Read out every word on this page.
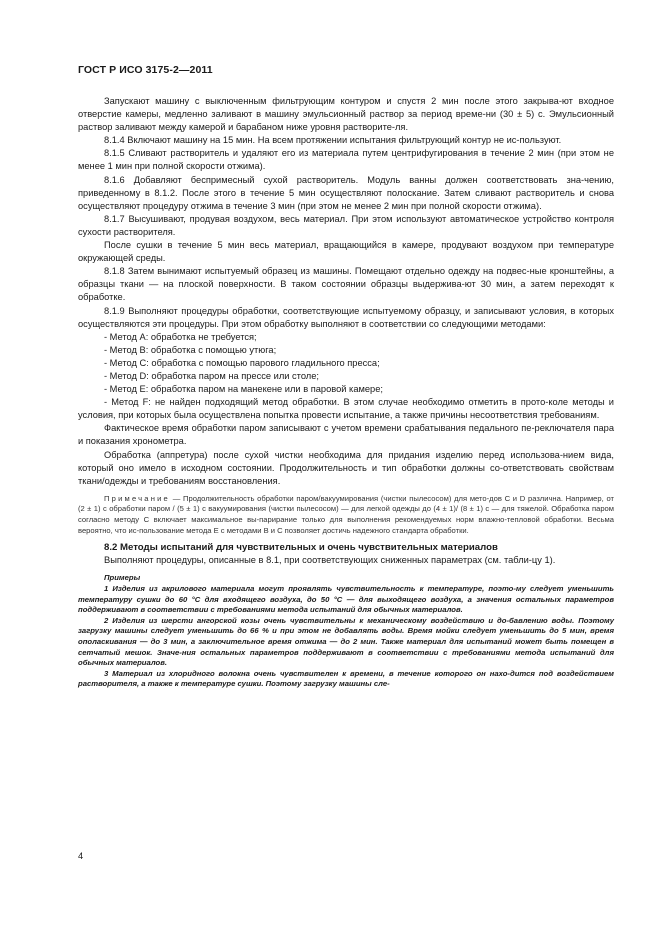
ГОСТ Р ИСО 3175-2—2011

Запускают машину с выключенным фильтрующим контуром и спустя 2 мин после этого закрыва-ют входное отверстие камеры, медленно заливают в машину эмульсионный раствор за период време-ни (30 ± 5) с. Эмульсионный раствор заливают между камерой и барабаном ниже уровня растворите-ля.

8.1.4 Включают машину на 15 мин. На всем протяжении испытания фильтрующий контур не ис-пользуют.

8.1.5 Сливают растворитель и удаляют его из материала путем центрифугирования в течение 2 мин (при этом не менее 1 мин при полной скорости отжима).

8.1.6 Добавляют беспримесный сухой растворитель. Модуль ванны должен соответствовать зна-чению, приведенному в 8.1.2. После этого в течение 5 мин осуществляют полоскание. Затем сливают растворитель и снова осуществляют процедуру отжима в течение 3 мин (при этом не менее 2 мин при полной скорости отжима).

8.1.7 Высушивают, продувая воздухом, весь материал. При этом используют автоматическое устройство контроля сухости растворителя.

После сушки в течение 5 мин весь материал, вращающийся в камере, продувают воздухом при температуре окружающей среды.

8.1.8 Затем вынимают испытуемый образец из машины. Помещают отдельно одежду на подвес-ные кронштейны, а образцы ткани — на плоской поверхности. В таком состоянии образцы выдержива-ют 30 мин, а затем переходят к обработке.

8.1.9 Выполняют процедуры обработки, соответствующие испытуемому образцу, и записывают условия, в которых осуществляются эти процедуры. При этом обработку выполняют в соответствии со следующими методами:

- Метод А: обработка не требуется;

- Метод В: обработка с помощью утюга;

- Метод С: обработка с помощью парового гладильного пресса;

- Метод D: обработка паром на прессе или столе;

- Метод Е: обработка паром на манекене или в паровой камере;

- Метод F: не найден подходящий метод обработки. В этом случае необходимо отметить в прото-коле методы и условия, при которых была осуществлена попытка провести испытание, а также причины несоответствия требованиям.

Фактическое время обработки паром записывают с учетом времени срабатывания педального пе-реключателя пара и показания хронометра.

Обработка (аппретура) после сухой чистки необходима для придания изделию перед использова-нием вида, который оно имело в исходном состоянии. Продолжительность и тип обработки должны со-ответствовать свойствам ткани/одежды и требованиям восстановления.

Примечание — Продолжительность обработки паром/вакуумирования (чистки пылесосом) для мето-дов С и D различна. Например, от (2 ± 1) с обработки паром / (5 ± 1) с вакуумирования (чистки пылесосом) — для легкой одежды до (4 ± 1)/ (8 ± 1) с — для тяжелой. Обработка паром согласно методу С включает максимальное вы-парирание только для выполнения рекомендуемых норм влажно-тепловой обработки. Весьма вероятно, что ис-пользование метода Е с методами В и С позволяет достичь надежного стандарта обработки.

8.2 Методы испытаний для чувствительных и очень чувствительных материалов

Выполняют процедуры, описанные в 8.1, при соответствующих сниженных параметрах (см. табли-цу 1).

Примеры

1 Изделия из акрилового материала могут проявлять чувствительность к температуре, поэто-му следует уменьшить температуру сушки до 60 °С для входящего воздуха, до 50 °С — для выходящего воздуха, а значения остальных параметров поддерживают в соответствии с требованиями метода испытаний для обычных материалов.

2 Изделия из шерсти ангорской козы очень чувствительны к механическому воздействию и до-бавлению воды. Поэтому загрузку машины следует уменьшить до 66 % и при этом не добавлять воды. Время мойки следует уменьшить до 5 мин, время ополаскивания — до 3 мин, а заключительное время отжима — до 2 мин. Также материал для испытаний может быть помещен в сетчатый мешок. Значе-ния остальных параметров поддерживают в соответствии с требованиями метода испытаний для обычных материалов.

3 Материал из хлоридного волокна очень чувствителен к времени, в течение которого он нахо-дится под воздействием растворителя, а также к температуре сушки. Поэтому загрузку машины сле-

4
